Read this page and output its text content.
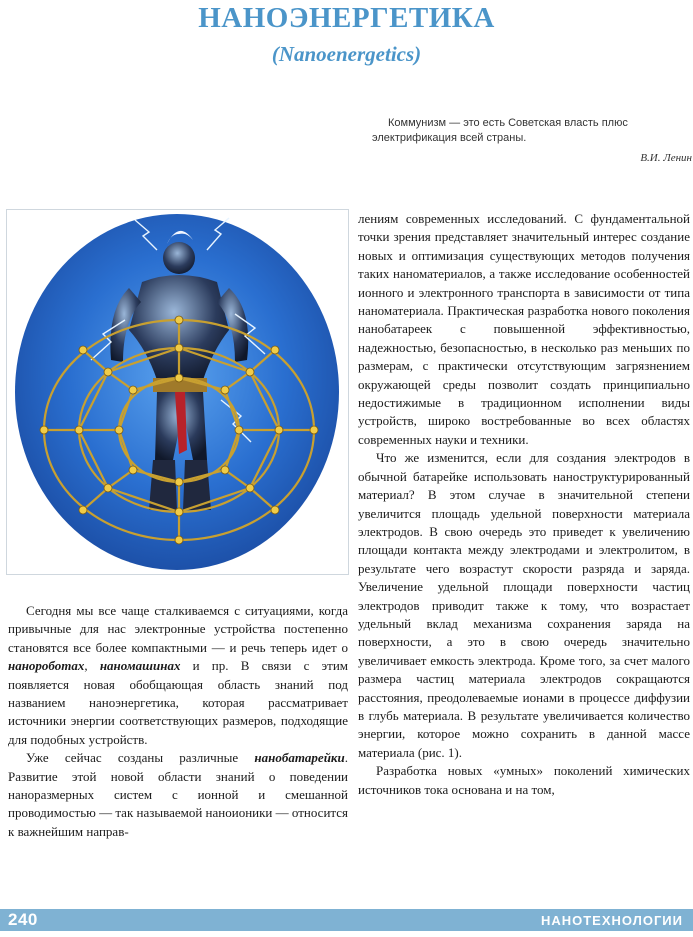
НАНОЭНЕРГЕТИКА
(Nanoenergetics)

Коммунизм — это есть Советская власть плюс электрификация всей страны.

В.И. Ленин

Сегодня мы все чаще сталкиваемся с ситуациями, когда привычные для нас электронные устройства постепенно становятся все более компактными — и речь теперь идет о нанороботах, наномашинах и пр. В связи с этим появляется новая обобщающая область знаний под названием наноэнергетика, которая рассматривает источники энергии соответствующих размеров, подходящие для подобных устройств.

Уже сейчас созданы различные нанобатарейки. Развитие этой новой области знаний о поведении наноразмерных систем с ионной и смешанной проводимостью — так называемой наноионики — относится к важнейшим направ-

лениям современных исследований. С фундаментальной точки зрения представляет значительный интерес создание новых и оптимизация существующих методов получения таких наноматериалов, а также исследование особенностей ионного и электронного транспорта в зависимости от типа наноматериала. Практическая разработка нового поколения нанобатареек с повышенной эффективностью, надежностью, безопасностью, в несколько раз меньших по размерам, с практически отсутствующим загрязнением окружающей среды позволит создать принципиально недостижимые в традиционном исполнении виды устройств, широко востребованные во всех областях современных науки и техники.

Что же изменится, если для создания электродов в обычной батарейке использовать наноструктурированный материал? В этом случае в значительной степени увеличится площадь удельной поверхности материала электродов. В свою очередь это приведет к увеличению площади контакта между электродами и электролитом, в результате чего возрастут скорости разряда и заряда. Увеличение удельной площади поверхности частиц электродов приводит также к тому, что возрастает удельный вклад механизма сохранения заряда на поверхности, а это в свою очередь значительно увеличивает емкость электрода. Кроме того, за счет малого размера частиц материала электродов сокращаются расстояния, преодолеваемые ионами в процессе диффузии в глубь материала. В результате увеличивается количество энергии, которое можно сохранить в данной массе материала (рис. 1).

Разработка новых «умных» поколений химических источников тока основана и на том,

240	НАНОТЕХНОЛОГИИ
